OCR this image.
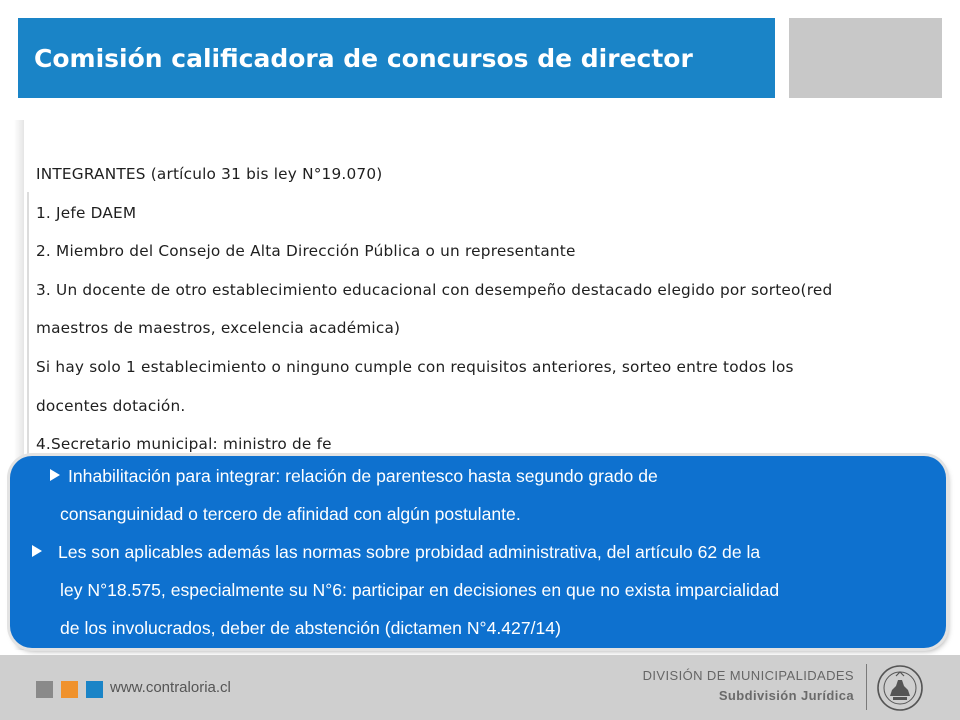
Comisión calificadora de concursos de director

INTEGRANTES (artículo 31 bis ley N°19.070)

1. Jefe DAEM

2. Miembro del Consejo de Alta Dirección Pública o un representante

3. Un docente de otro establecimiento educacional con desempeño destacado elegido por sorteo(red

maestros de maestros, excelencia académica)

Si hay solo 1 establecimiento o ninguno cumple con requisitos anteriores, sorteo entre todos los

docentes dotación.

4.Secretario municipal: ministro de fe

Inhabilitación para integrar: relación de parentesco hasta segundo grado de
consanguinidad o tercero de afinidad con algún postulante.
Les son aplicables además las normas sobre probidad administrativa, del artículo 62 de la
ley N°18.575, especialmente su N°6: participar en decisiones en que no exista imparcialidad
de los involucrados, deber de abstención (dictamen N°4.427/14)
www.contraloria.cl
DIVISIÓN DE MUNICIPALIDADES
Subdivisión Jurídica
